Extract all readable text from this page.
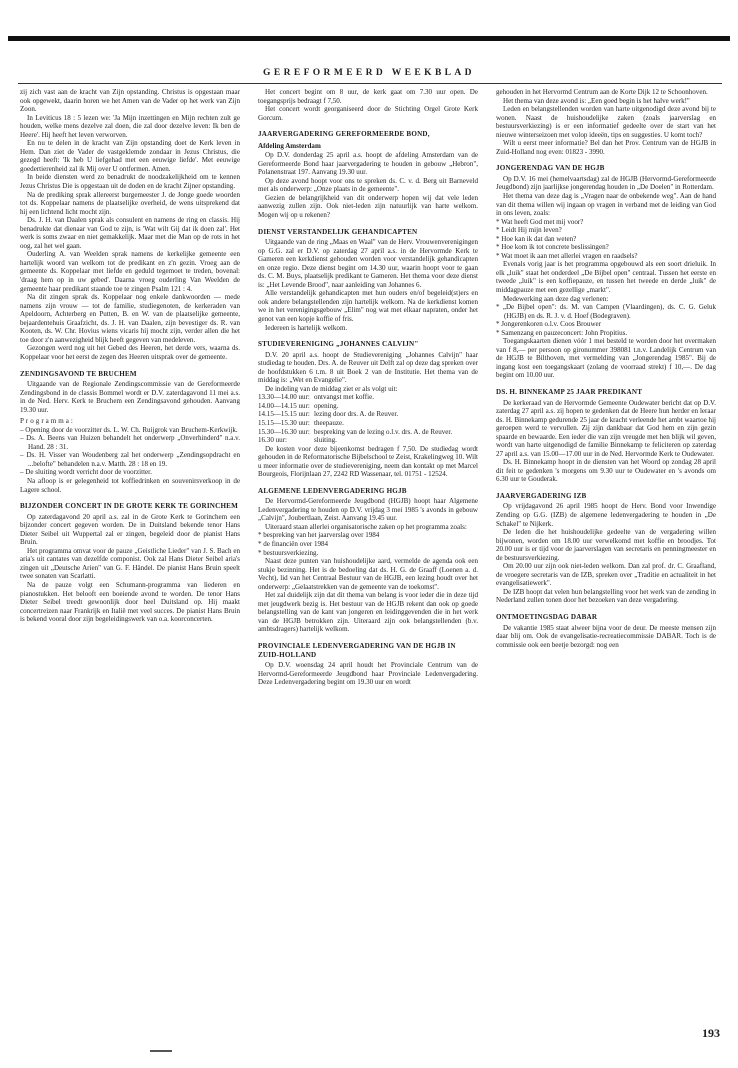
GEREFORMEERD WEEKBLAD

zij zich vast aan de kracht van Zijn opstanding. Christus is opgestaan maar ook opgewekt, daarin horen we het Amen van de Vader op het werk van Zijn Zoon.

In Leviticus 18 : 5 lezen we: 'Ja Mijn inzettingen en Mijn rechten zult ge houden, welke mens dezelve zal doen, die zal door dezelve leven: Ik ben de Heere'. Hij heeft het leven verworven.

En nu te delen in de kracht van Zijn opstanding doet de Kerk leven in Hem. Dan ziet de Vader de vastgeklemde zondaar in Jezus Christus, die gezegd heeft: 'Ik heb U liefgehad met een eeuwige liefde'. Met eeuwige goedertierenheid zal ik Mij over U ontfermen. Amen.

In beide diensten werd zo benadrukt de noodzakelijkheid om te kennen Jezus Christus Die is opgestaan uit de doden en de kracht Zijner opstanding.

Na de prediking sprak allereerst burgemeester J. de Jonge goede woorden tot ds. Koppelaar namens de plaatselijke overheid, de wens uitsprekend dat hij een lichtend licht mocht zijn.

Ds. J. H. van Daalen sprak als consulent en namens de ring en classis. Hij benadrukte dat dienaar van God te zijn, is 'Wat wilt Gij dat ik doen zal'. Het werk is soms zwaar en niet gemakkelijk. Maar met die Man op de rots in het oog, zal het wel gaan.

Ouderling A. van Weelden sprak namens de kerkelijke gemeente een hartelijk woord van welkom tot de predikant en z'n gezin. Vroeg aan de gemeente ds. Koppelaar met liefde en geduld tegemoet te treden, bovenal: 'draag hem op in uw gebed'. Daarna vroeg ouderling Van Weelden de gemeente haar predikant staande toe te zingen Psalm 121 : 4.

Na dit zingen sprak ds. Koppelaar nog enkele dankwoorden — mede namens zijn vrouw — tot de familie, studiegenoten, de kerkeraden van Apeldoorn, Achterberg en Putten, B. en W. van de plaatselijke gemeente, bejaardentehuis Graafzicht, ds. J. H. van Daalen, zijn bevestiger ds. R. van Kooten, ds. W. Chr. Hovius wiens vicaris hij mocht zijn, verder allen die het toe door z'n aanwezigheid blijk heeft gegeven van medeleven.

Gezongen werd nog uit het Gebed des Heeren, het derde vers, waarna ds. Koppelaar voor het eerst de zegen des Heeren uitsprak over de gemeente.

ZENDINGSAVOND TE BRUCHEM

Uitgaande van de Regionale Zendingscommissie van de Gereformeerde Zendingsbond in de classis Bommel wordt er D.V. zaterdagavond 11 mei a.s. in de Ned. Herv. Kerk te Bruchem een Zendingsavond gehouden. Aanvang 19.30 uur.

Programma:

– Opening door de voorzitter ds. L. W. Ch. Ruijgrok van Bruchem-Kerkwijk.
– Ds. A. Beens van Huizen behandelt het onderwerp „Onverhinderd" n.a.v. Hand. 28 : 31.
– Ds. H. Visser van Woudenberg zal het onderwerp „Zendingsopdracht en ...belofte" behandelen n.a.v. Matth. 28 : 18 en 19.
– De sluiting wordt verricht door de voorzitter.

Na afloop is er gelegenheid tot koffiedrinken en souvenirsverkoop in de Lagere school.

BIJZONDER CONCERT IN DE GROTE KERK TE GORINCHEM

Op zaterdagavond 20 april a.s. zal in de Grote Kerk te Gorinchem een bijzonder concert gegeven worden. De in Duitsland bekende tenor Hans Dieter Seibel uit Wuppertal zal er zingen, begeleid door de pianist Hans Bruin.

Het programma omvat voor de pauze „Geistliche Lieder" van J. S. Bach en aria's uit cantates van dezelfde componist. Ook zal Hans Dieter Seibel aria's zingen uit „Deutsche Arien" van G. F. Händel. De pianist Hans Bruin speelt twee sonaten van Scarlatti.

Na de pauze volgt een Schumann-programma van liederen en pianostukken. Het belooft een boeiende avond te worden. De tenor Hans Dieter Seibel treedt gewoonlijk door heel Duitsland op. Hij maakt concertreizen naar Frankrijk en Italië met veel succes. De pianist Hans Bruin is bekend vooral door zijn begeleidingswerk van o.a. koorconcerten.

Het concert begint om 8 uur, de kerk gaat om 7.30 uur open. De toegangsprijs bedraagt f 7,50.

Het concert wordt georganiseerd door de Stichting Orgel Grote Kerk Gorcum.

JAARVERGADERING GEREFORMEERDE BOND,
Afdeling Amsterdam

Op D.V. donderdag 25 april a.s. hoopt de afdeling Amsterdam van de Gereformeerde Bond haar jaarvergadering te houden in gebouw „Hebron", Polanenstraat 197. Aanvang 19.30 uur.

Op deze avond hoopt voor ons te spreken ds. C. v. d. Berg uit Barneveld met als onderwerp: „Onze plaats in de gemeente".

Gezien de belangrijkheid van dit onderwerp hopen wij dat vele leden aanwezig zullen zijn. Ook niet-leden zijn natuurlijk van harte welkom. Mogen wij op u rekenen?

DIENST VERSTANDELIJK GEHANDICAPTEN

Uitgaande van de ring „Maas en Waal" van de Herv. Vrouwenverenigingen op G.G. zal er D.V. op zaterdag 27 april a.s. in de Hervormde Kerk te Gameren een kerkdienst gehouden worden voor verstandelijk gehandicapten en onze regio. Deze dienst begint om 14.30 uur, waarin hoopt voor te gaan ds. C. M. Buys, plaatselijk predikant te Gameren. Het thema voor deze dienst is: „Het Levende Brood", naar aanleiding van Johannes 6.

Alle verstandelijk gehandicapten met hun ouders en/of begeleid(st)ers en ook andere belangstellenden zijn hartelijk welkom. Na de kerkdienst komen we in het verenigingsgebouw „Elim" nog wat met elkaar napraten, onder het genot van een kopje koffie of fris.

Iedereen is hartelijk welkom.

STUDIEVERENIGING „JOHANNES CALVIJN"

D.V. 20 april a.s. hoopt de Studievereniging „Johannes Calvijn" haar studiedag te houden. Drs. A. de Reuver uit Delft zal op deze dag spreken over de hoofdstukken 6 t.m. 8 uit Boek 2 van de Institutie. Het thema van de middag is: „Wet en Evangelie".

De indeling van de middag ziet er als volgt uit:

13.30—14.00 uur:	ontvangst met koffie.
14.00—14.15 uur:	opening.
14.15—15.15 uur:	lezing door drs. A. de Reuver.
15.15—15.30 uur:	theepauze.
15.30—16.30 uur:	bespreking van de lezing o.l.v. drs. A. de Reuver.
16.30 uur:	sluiting.

De kosten voor deze bijeenkomst bedragen f 7,50. De studiedag wordt gehouden in de Reformatorische Bijbelschool te Zeist, Krakelingweg 10. Wilt u meer informatie over de studievereniging, neem dan kontakt op met Marcel Bourgeois, Florijnlaan 27, 2242 RD Wassenaar, tel. 01751 - 12524.

ALGEMENE LEDENVERGADERING HGJB

De Hervormd-Gereformeerde Jeugdbond (HGJB) hoopt haar Algemene Ledenvergadering te houden op D.V. vrijdag 3 mei 1985 's avonds in gebouw „Calvijn", Joubertlaan, Zeist. Aanvang 19.45 uur.

Uiteraard staan allerlei organisatorische zaken op het programma zoals:

* bespreking van het jaarverslag over 1984
* de financiën over 1984
* bestuursverkiezing.

Naast deze punten van huishoudelijke aard, vermelde de agenda ook een stukje bezinning. Het is de bedoeling dat ds. H. G. de Graaff (Loenen a. d. Vecht), lid van het Centraal Bestuur van de HGJB, een lezing houdt over het onderwerp: „Gelaatstrekken van de gemeente van de toekomst".

Het zal duidelijk zijn dat dit thema van belang is voor ieder die in deze tijd met jeugdwerk bezig is. Het bestuur van de HGJB rekent dan ook op goede belangstelling van de kant van jongeren en leidinggevenden die in het werk van de HGJB betrokken zijn. Uiteraard zijn ook belangstellenden (b.v. ambtsdragers) hartelijk welkom.

PROVINCIALE LEDENVERGADERING VAN DE HGJB IN ZUID-HOLLAND

Op D.V. woensdag 24 april houdt het Provinciale Centrum van de Hervormd-Gereformeerde Jeugdbond haar Provinciale Ledenvergadering. Deze Ledenvergadering begint om 19.30 uur en wordt

gehouden in het Hervormd Centrum aan de Korte Dijk 12 te Schoonhoven.

Het thema van deze avond is: „Een goed begin is het halve werk!"

Leden en belangstellenden worden van harte uitgenodigd deze avond bij te wonen. Naast de huishoudelijke zaken (zoals jaarverslag en bestuursverkiezing) is er een informatief gedeelte over de start van het nieuwe winterseizoen met volop ideeën, tips en suggesties. U komt toch?

Wilt u eerst meer informatie? Bel dan het Prov. Centrum van de HGJB in Zuid-Holland nog even: 01823 - 3990.

JONGERENDAG VAN DE HGJB

Op D.V. 16 mei (hemelvaartsdag) zal de HGJB (Hervormd-Gereformeerde Jeugdbond) zijn jaarlijkse jongerendag houden in „De Doelen" in Rotterdam.

Het thema van deze dag is „Vragen naar de onbekende weg". Aan de hand van dit thema willen wij ingaan op vragen in verband met de leiding van God in ons leven, zoals:

* Wat heeft God met mij voor?
* Leidt Hij mijn leven?
* Hoe kan ik dat dan weten?
* Hoe kom ik tot concrete beslissingen?
* Wat moet ik aan met allerlei vragen en raadsels?

Evenals vorig jaar is het programma opgebouwd als een soort drieluik. In elk „luik" staat het onderdeel „De Bijbel open" centraal. Tussen het eerste en tweede „luik" is een koffiepauze, en tussen het tweede en derde „luik" de middagpauze met een gezellige „markt".

Medewerking aan deze dag verlenen:

* „De Bijbel open": ds. M. van Campen (Vlaardingen), ds. C. G. Geluk (HGJB) en ds. R. J. v. d. Hoef (Bodegraven).
* Jongerenkoren o.l.v. Coos Brouwer
* Samenzang en pauzeconcert: John Propitius.

Toegangskaarten dienen vóór 1 mei besteld te worden door het overmaken van f 8,— per persoon op gironummer 398081 t.n.v. Landelijk Centrum van de HGJB te Bilthoven, met vermelding van „Jongerendag 1985". Bij de ingang kost een toegangskaart (zolang de voorraad strekt) f 10,—. De dag begint om 10.00 uur.

DS. H. BINNEKAMP 25 JAAR PREDIKANT

De kerkeraad van de Hervormde Gemeente Oudewater bericht dat op D.V. zaterdag 27 april a.s. zij hopen te gedenken dat de Heere hun herder en leraar ds. H. Binnekamp gedurende 25 jaar de kracht verleende het ambt waartoe hij geroepen werd te vervullen. Zij zijn dankbaar dat God hem en zijn gezin spaarde en bewaarde. Een ieder die van zijn vreugde met hen blijk wil geven, wordt van harte uitgenodigd de familie Binnekamp te feliciteren op zaterdag 27 april a.s. van 15.00—17.00 uur in de Ned. Hervormde Kerk te Oudewater.

Ds. H. Binnekamp hoopt in de diensten van het Woord op zondag 28 april dit feit te gedenken 's morgens om 9.30 uur te Oudewater en 's avonds om 6.30 uur te Gouderak.

JAARVERGADERING IZB

Op vrijdagavond 26 april 1985 hoopt de Herv. Bond voor Inwendige Zending op G.G. (IZB) de algemene ledenvergadering te houden in „De Schakel" te Nijkerk.

De leden die het huishoudelijke gedeelte van de vergadering willen bijwonen, worden om 18.00 uur verwelkomd met koffie en broodjes. Tot 20.00 uur is er tijd voor de jaarverslagen van secretaris en penningmeester en de bestuursverkiezing.

Om 20.00 uur zijn ook niet-leden welkom. Dan zal prof. dr. C. Graafland, de vroegere secretaris van de IZB, spreken over „Traditie en actualiteit in het evangelisatiewerk".

De IZB hoopt dat velen hun belangstelling voor het werk van de zending in Nederland zullen tonen door het bezoeken van deze vergadering.

ONTMOETINGSDAG DABAR

De vakantie 1985 staat alweer bijna voor de deur. De meeste mensen zijn daar blij om. Ook de evangelisatie-recreatiecommissie DABAR. Toch is de commissie ook een beetje bezorgd: nog een

193
